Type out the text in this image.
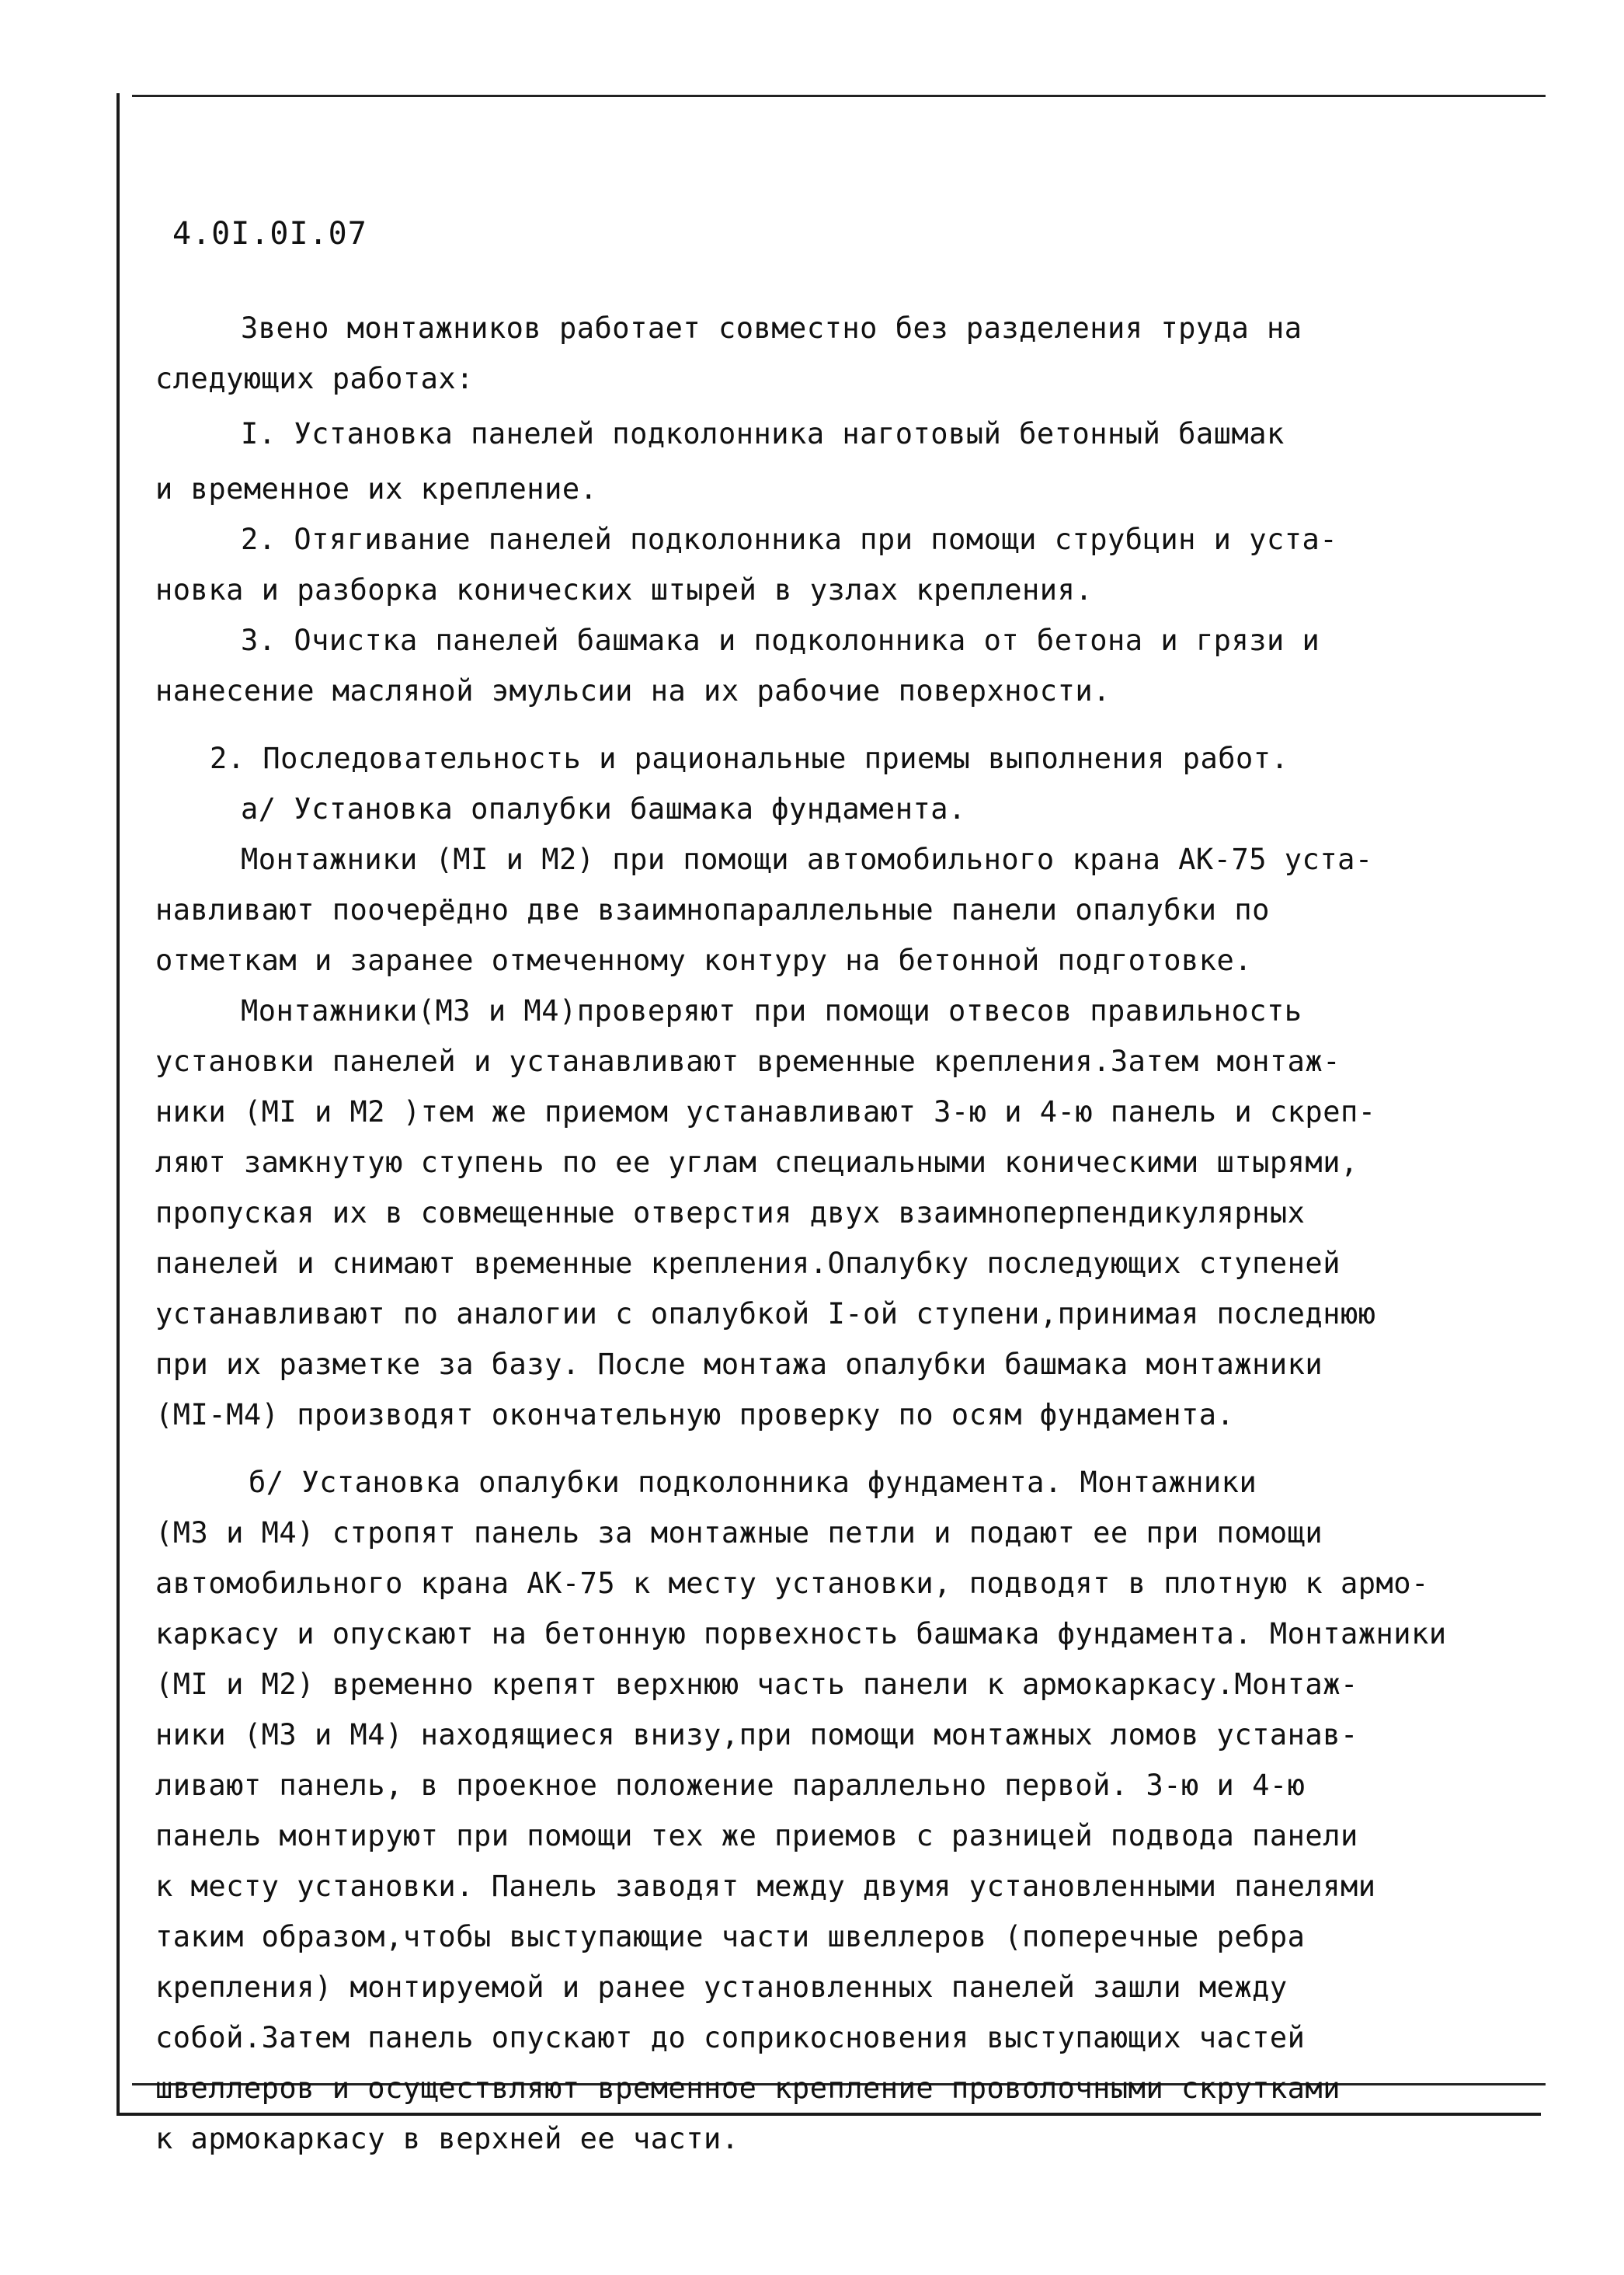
4.0I.0I.07

Звено монтажников работает совместно без разделения труда на

следующих работах:

I. Установка панелей подколонника наготовый бетонный башмак

и временное их крепление.

2. Отягивание панелей подколонника при помощи струбцин и уста-

новка и разборка конических штырей в узлах крепления.

3. Очистка панелей башмака и подколонника от бетона и грязи и

нанесение масляной эмульсии на их рабочие поверхности.

2. Последовательность и рациональные приемы выполнения работ.

а/ Установка опалубки башмака фундамента.

Монтажники (MI и M2) при помощи автомобильного крана AK-75 уста-

навливают поочерёдно две взаимнопараллельные панели опалубки по

отметкам и заранее отмеченному контуру на бетонной подготовке.

Монтажники(M3 и M4)проверяют при помощи отвесов правильность

установки панелей и устанавливают временные крепления.Затем монтаж-

ники (MI и M2 )тем же приемом устанавливают 3-ю и 4-ю панель и скреп-

ляют замкнутую ступень по ее углам специальными коническими штырями,

пропуская их в совмещенные отверстия двух взаимноперпендикулярных

панелей и снимают временные крепления.Опалубку последующих ступеней

устанавливают по аналогии с опалубкой I-ой ступени,принимая последнюю

при их разметке за базу. После монтажа опалубки башмака монтажники

(MI-M4) производят окончательную проверку по осям фундамента.

б/ Установка опалубки подколонника фундамента. Монтажники

(M3 и M4) стропят панель за монтажные петли и подают ее при помощи

автомобильного крана AK-75 к месту установки, подводят в плотную к армо-

каркасу и опускают на бетонную порвехность башмака фундамента. Монтажники

(MI и M2) временно крепят верхнюю часть панели к армокаркасу.Монтаж-

ники (M3 и M4) находящиеся внизу,при помощи монтажных ломов устанав-

ливают панель, в проекное положение параллельно первой. 3-ю и 4-ю

панель монтируют при помощи тех же приемов с разницей подвода панели

к месту установки. Панель заводят между двумя установленными панелями

таким образом,чтобы выступающие части швеллеров (поперечные ребра

крепления) монтируемой и ранее установленных панелей зашли между

собой.Затем панель опускают до соприкосновения выступающих частей

швеллеров и осуществляют временное крепление проволочными скрутками

к армокаркасу в верхней ее части.
